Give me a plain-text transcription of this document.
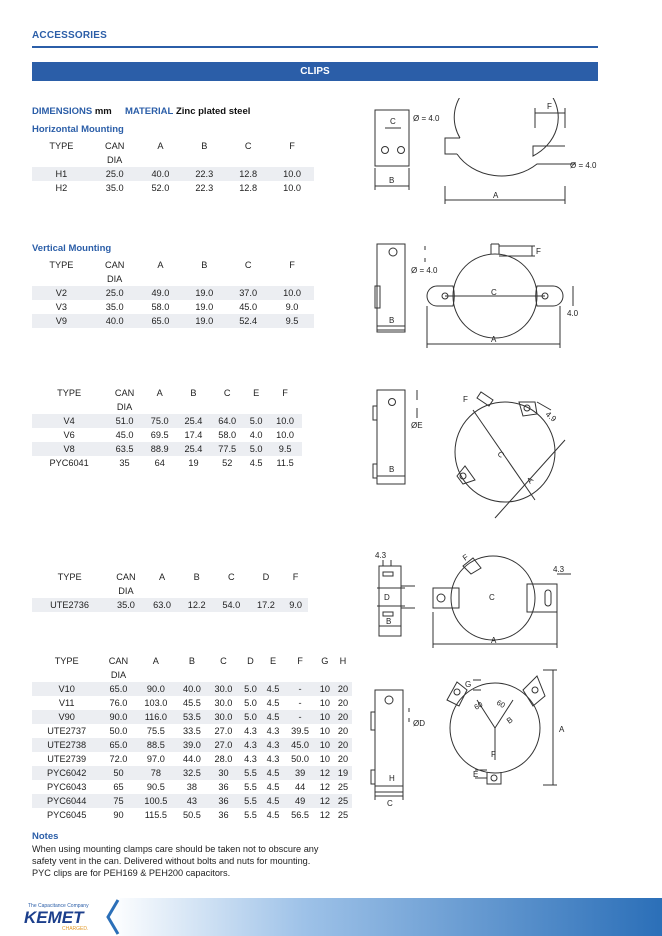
ACCESSORIES
CLIPS
DIMENSIONS mm MATERIAL Zinc plated steel
Horizontal Mounting
TYPE	CAN	A	B	C	F
	DIA				
H1	25.0	40.0	22.3	12.8	10.0
H2	35.0	52.0	22.3	12.8	10.0
Vertical Mounting
TYPE	CAN	A	B	C	F
	DIA				
V2	25.0	49.0	19.0	37.0	10.0
V3	35.0	58.0	19.0	45.0	9.0
V9	40.0	65.0	19.0	52.4	9.5
TYPE	CAN	A	B	C	E	F
	DIA					
V4	51.0	75.0	25.4	64.0	5.0	10.0
V6	45.0	69.5	17.4	58.0	4.0	10.0
V8	63.5	88.9	25.4	77.5	5.0	9.5
PYC6041	35	64	19	52	4.5	11.5
TYPE	CAN	A	B	C	D	F
	DIA					
UTE2736	35.0	63.0	12.2	54.0	17.2	9.0
TYPE	CAN	A	B	C	D	E	F	G	H
	DIA								
V10	65.0	90.0	40.0	30.0	5.0	4.5	-	10	20
V11	76.0	103.0	45.5	30.0	5.0	4.5	-	10	20
V90	90.0	116.0	53.5	30.0	5.0	4.5	-	10	20
UTE2737	50.0	75.5	33.5	27.0	4.3	4.3	39.5	10	20
UTE2738	65.0	88.5	39.0	27.0	4.3	4.3	45.0	10	20
UTE2739	72.0	97.0	44.0	28.0	4.3	4.3	50.0	10	20
PYC6042	50	78	32.5	30	5.5	4.5	39	12	19
PYC6043	65	90.5	38	36	5.5	4.5	44	12	25
PYC6044	75	100.5	43	36	5.5	4.5	49	12	25
PYC6045	90	115.5	50.5	36	5.5	4.5	56.5	12	25
C Ø = 4.0
B
F
Ø = 4.0
A
Ø = 4.0
F
C
4.0
B
A
F
4.9
ØE
C
A
B
4.3
D
B
F
C
4.3
A
G
60 60
B
F
A
E
ØD
H
C
Notes
When using mounting clamps care should be taken not to obscure any
safety vent in the can. Delivered without bolts and nuts for mounting.
PYC clips are for PEH169 & PEH200 capacitors.
The Capacitance Company
KEMET
CHARGED.
